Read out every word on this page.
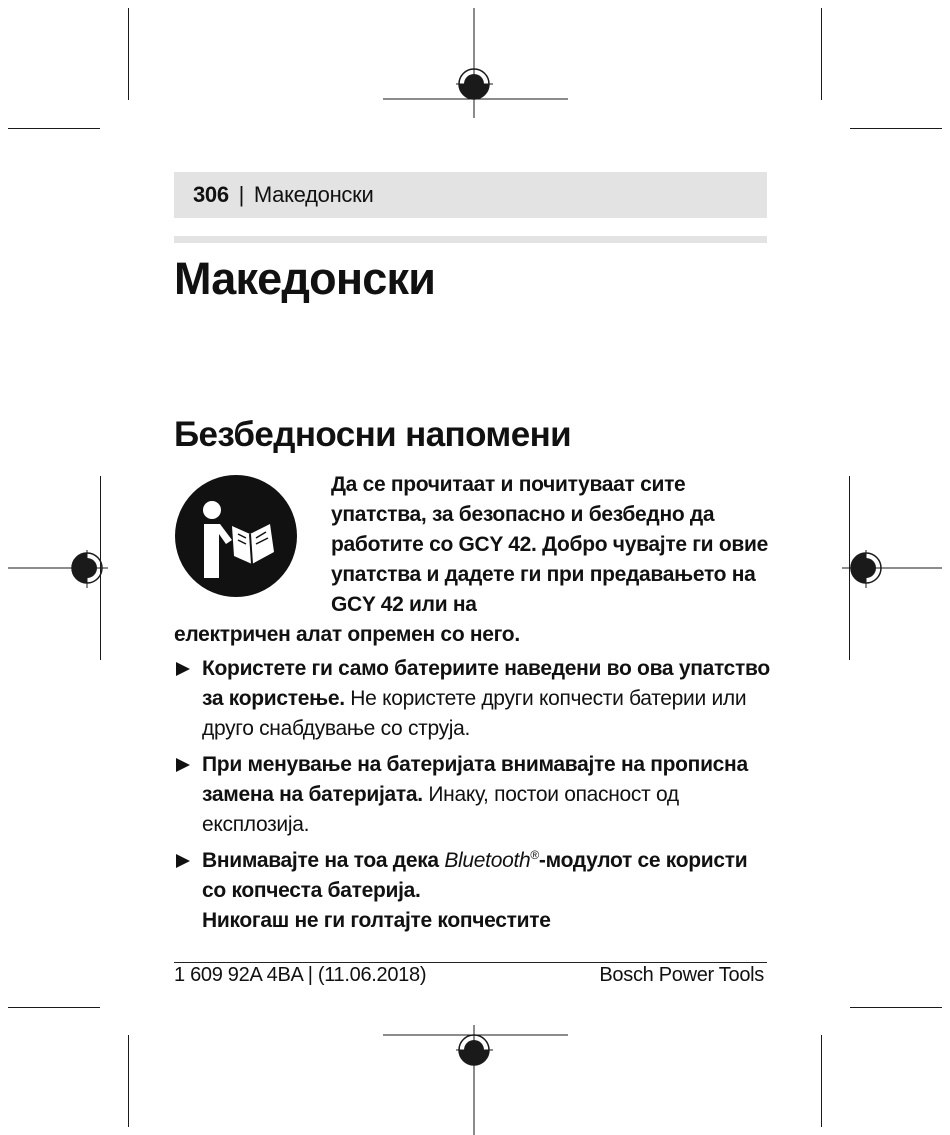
306 | Македонски
Македонски
Безбедносни напомени
Да се прочитаат и почитуваат сите упатства, за безопасно и безбедно да работите со GCY 42. Добро чувајте ги овие упатства и дадете ги при предавањето на GCY 42 или на
електричен алат опремен со него.
Користете ги само батериите наведени во ова упатство за користење. Не користете други копчести батерии или друго снабдување со струја.
При менување на батеријата внимавајте на прописна замена на батеријата. Инаку, постои опасност од експлозија.
Внимавајте на тоа дека Bluetooth®-модулот се користи со копчеста батерија.
Никогаш не ги голтајте копчестите
1 609 92A 4BA | (11.06.2018)	Bosch Power Tools
